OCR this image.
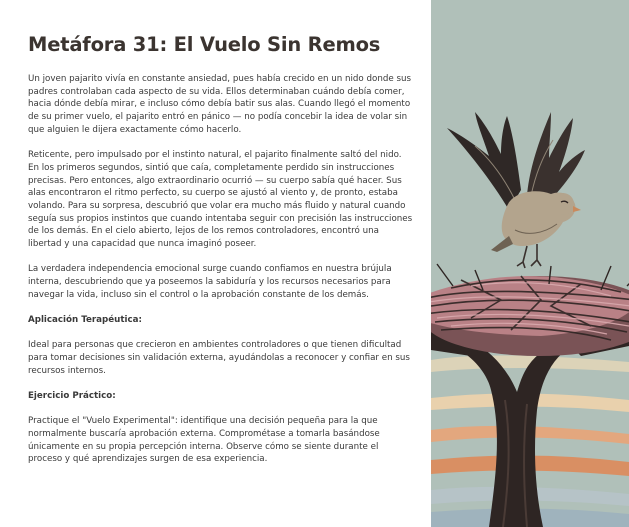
Metáfora 31: El Vuelo Sin Remos

Un joven pajarito vivía en constante ansiedad, pues había crecido en un nido donde sus padres controlaban cada aspecto de su vida. Ellos determinaban cuándo debía comer, hacia dónde debía mirar, e incluso cómo debía batir sus alas. Cuando llegó el momento de su primer vuelo, el pajarito entró en pánico — no podía concebir la idea de volar sin que alguien le dijera exactamente cómo hacerlo.

Reticente, pero impulsado por el instinto natural, el pajarito finalmente saltó del nido. En los primeros segundos, sintió que caía, completamente perdido sin instrucciones precisas. Pero entonces, algo extraordinario ocurrió — su cuerpo sabía qué hacer. Sus alas encontraron el ritmo perfecto, su cuerpo se ajustó al viento y, de pronto, estaba volando. Para su sorpresa, descubrió que volar era mucho más fluido y natural cuando seguía sus propios instintos que cuando intentaba seguir con precisión las instrucciones de los demás. En el cielo abierto, lejos de los remos controladores, encontró una libertad y una capacidad que nunca imaginó poseer.

La verdadera independencia emocional surge cuando confiamos en nuestra brújula interna, descubriendo que ya poseemos la sabiduría y los recursos necesarios para navegar la vida, incluso sin el control o la aprobación constante de los demás.

Aplicación Terapéutica:

Ideal para personas que crecieron en ambientes controladores o que tienen dificultad para tomar decisiones sin validación externa, ayudándolas a reconocer y confiar en sus recursos internos.

Ejercicio Práctico:

Practique el "Vuelo Experimental": identifique una decisión pequeña para la que normalmente buscaría aprobación externa. Comprométase a tomarla basándose únicamente en su propia percepción interna. Observe cómo se siente durante el proceso y qué aprendizajes surgen de esa experiencia.
